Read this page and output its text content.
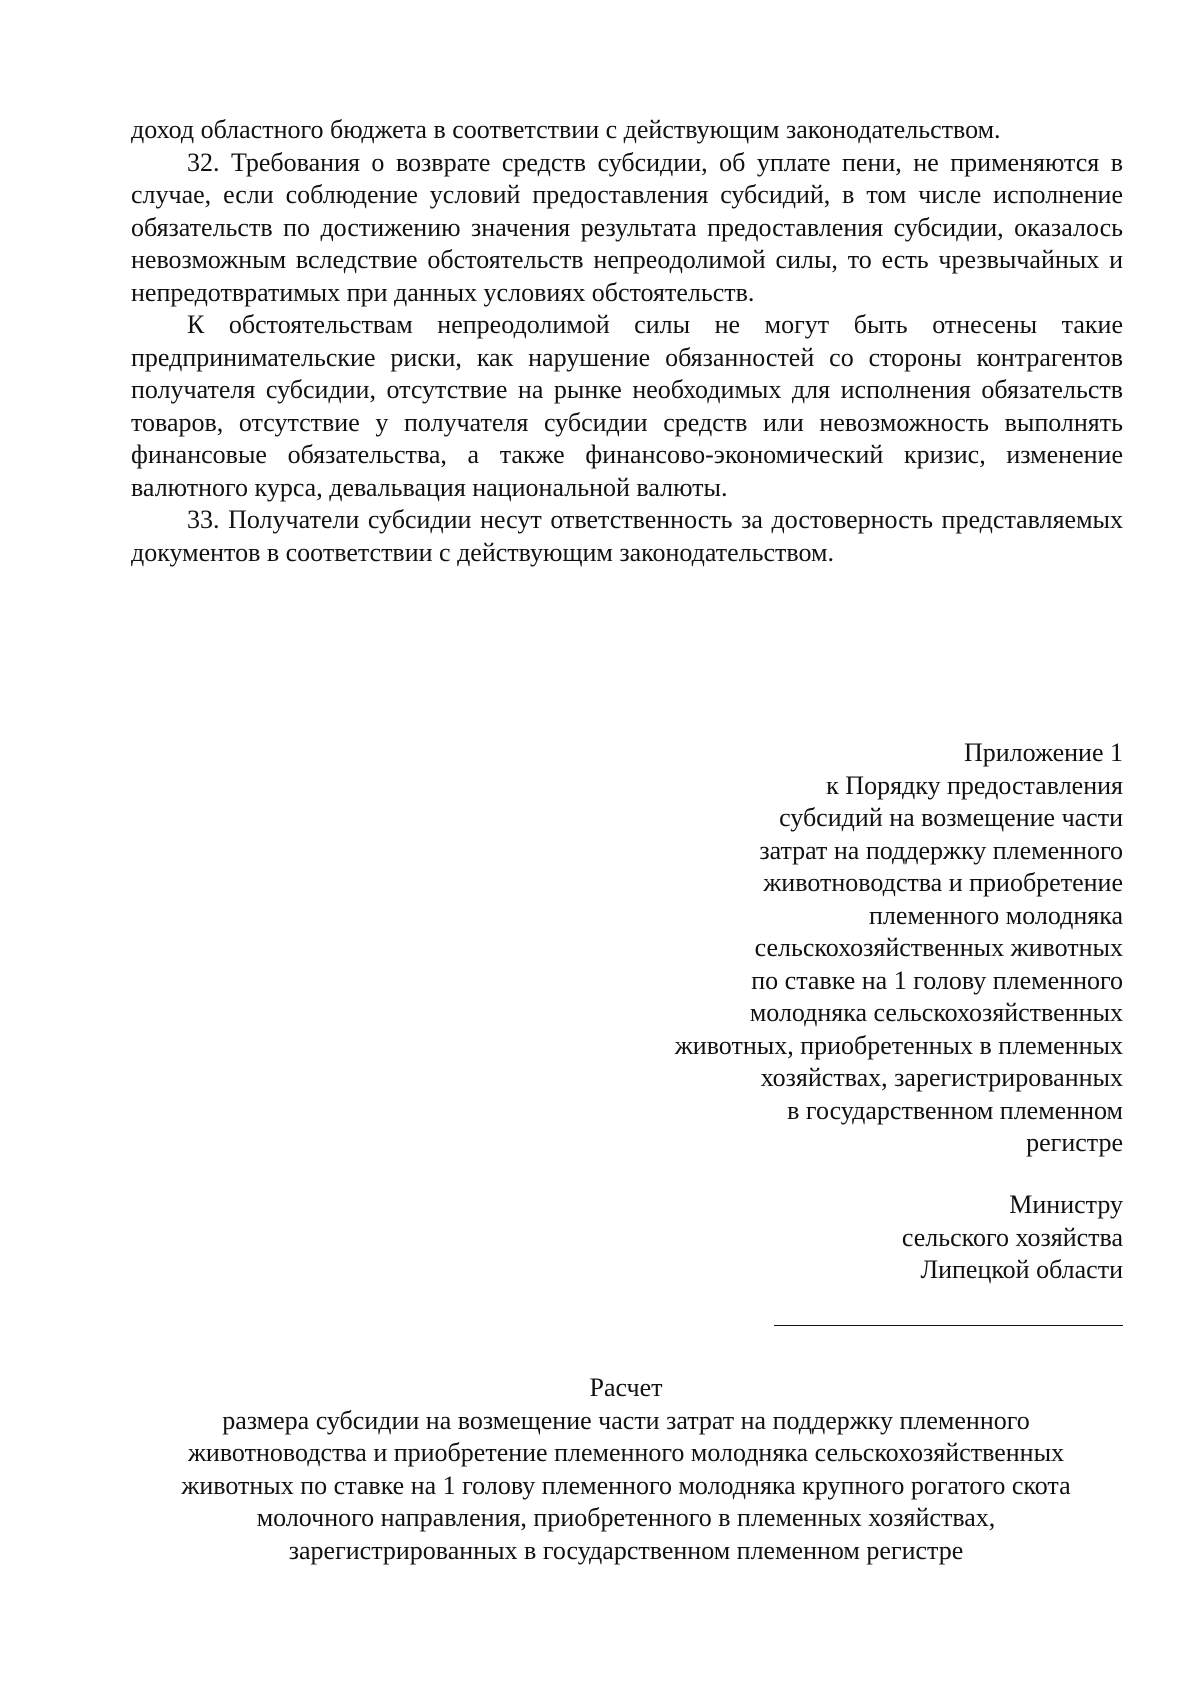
доход областного бюджета в соответствии с действующим законодательством.

32. Требования о возврате средств субсидии, об уплате пени, не применяются в случае, если соблюдение условий предоставления субсидий, в том числе исполнение обязательств по достижению значения результата предоставления субсидии, оказалось невозможным вследствие обстоятельств непреодолимой силы, то есть чрезвычайных и непредотвратимых при данных условиях обстоятельств.

К обстоятельствам непреодолимой силы не могут быть отнесены такие предпринимательские риски, как нарушение обязанностей со стороны контрагентов получателя субсидии, отсутствие на рынке необходимых для исполнения обязательств товаров, отсутствие у получателя субсидии средств или невозможность выполнять финансовые обязательства, а также финансово-экономический кризис, изменение валютного курса, девальвация национальной валюты.

33. Получатели субсидии несут ответственность за достоверность представляемых документов в соответствии с действующим законодательством.

Приложение 1

к Порядку предоставления

субсидий на возмещение части

затрат на поддержку племенного

животноводства и приобретение

племенного молодняка

сельскохозяйственных животных

по ставке на 1 голову племенного

молодняка сельскохозяйственных

животных, приобретенных в племенных

хозяйствах, зарегистрированных

в государственном племенном

регистре

Министру

сельского хозяйства

Липецкой области

Расчет

размера субсидии на возмещение части затрат на поддержку племенного

животноводства и приобретение племенного молодняка сельскохозяйственных

животных по ставке на 1 голову племенного молодняка крупного рогатого скота

молочного направления, приобретенного в племенных хозяйствах,

зарегистрированных в государственном племенном регистре
